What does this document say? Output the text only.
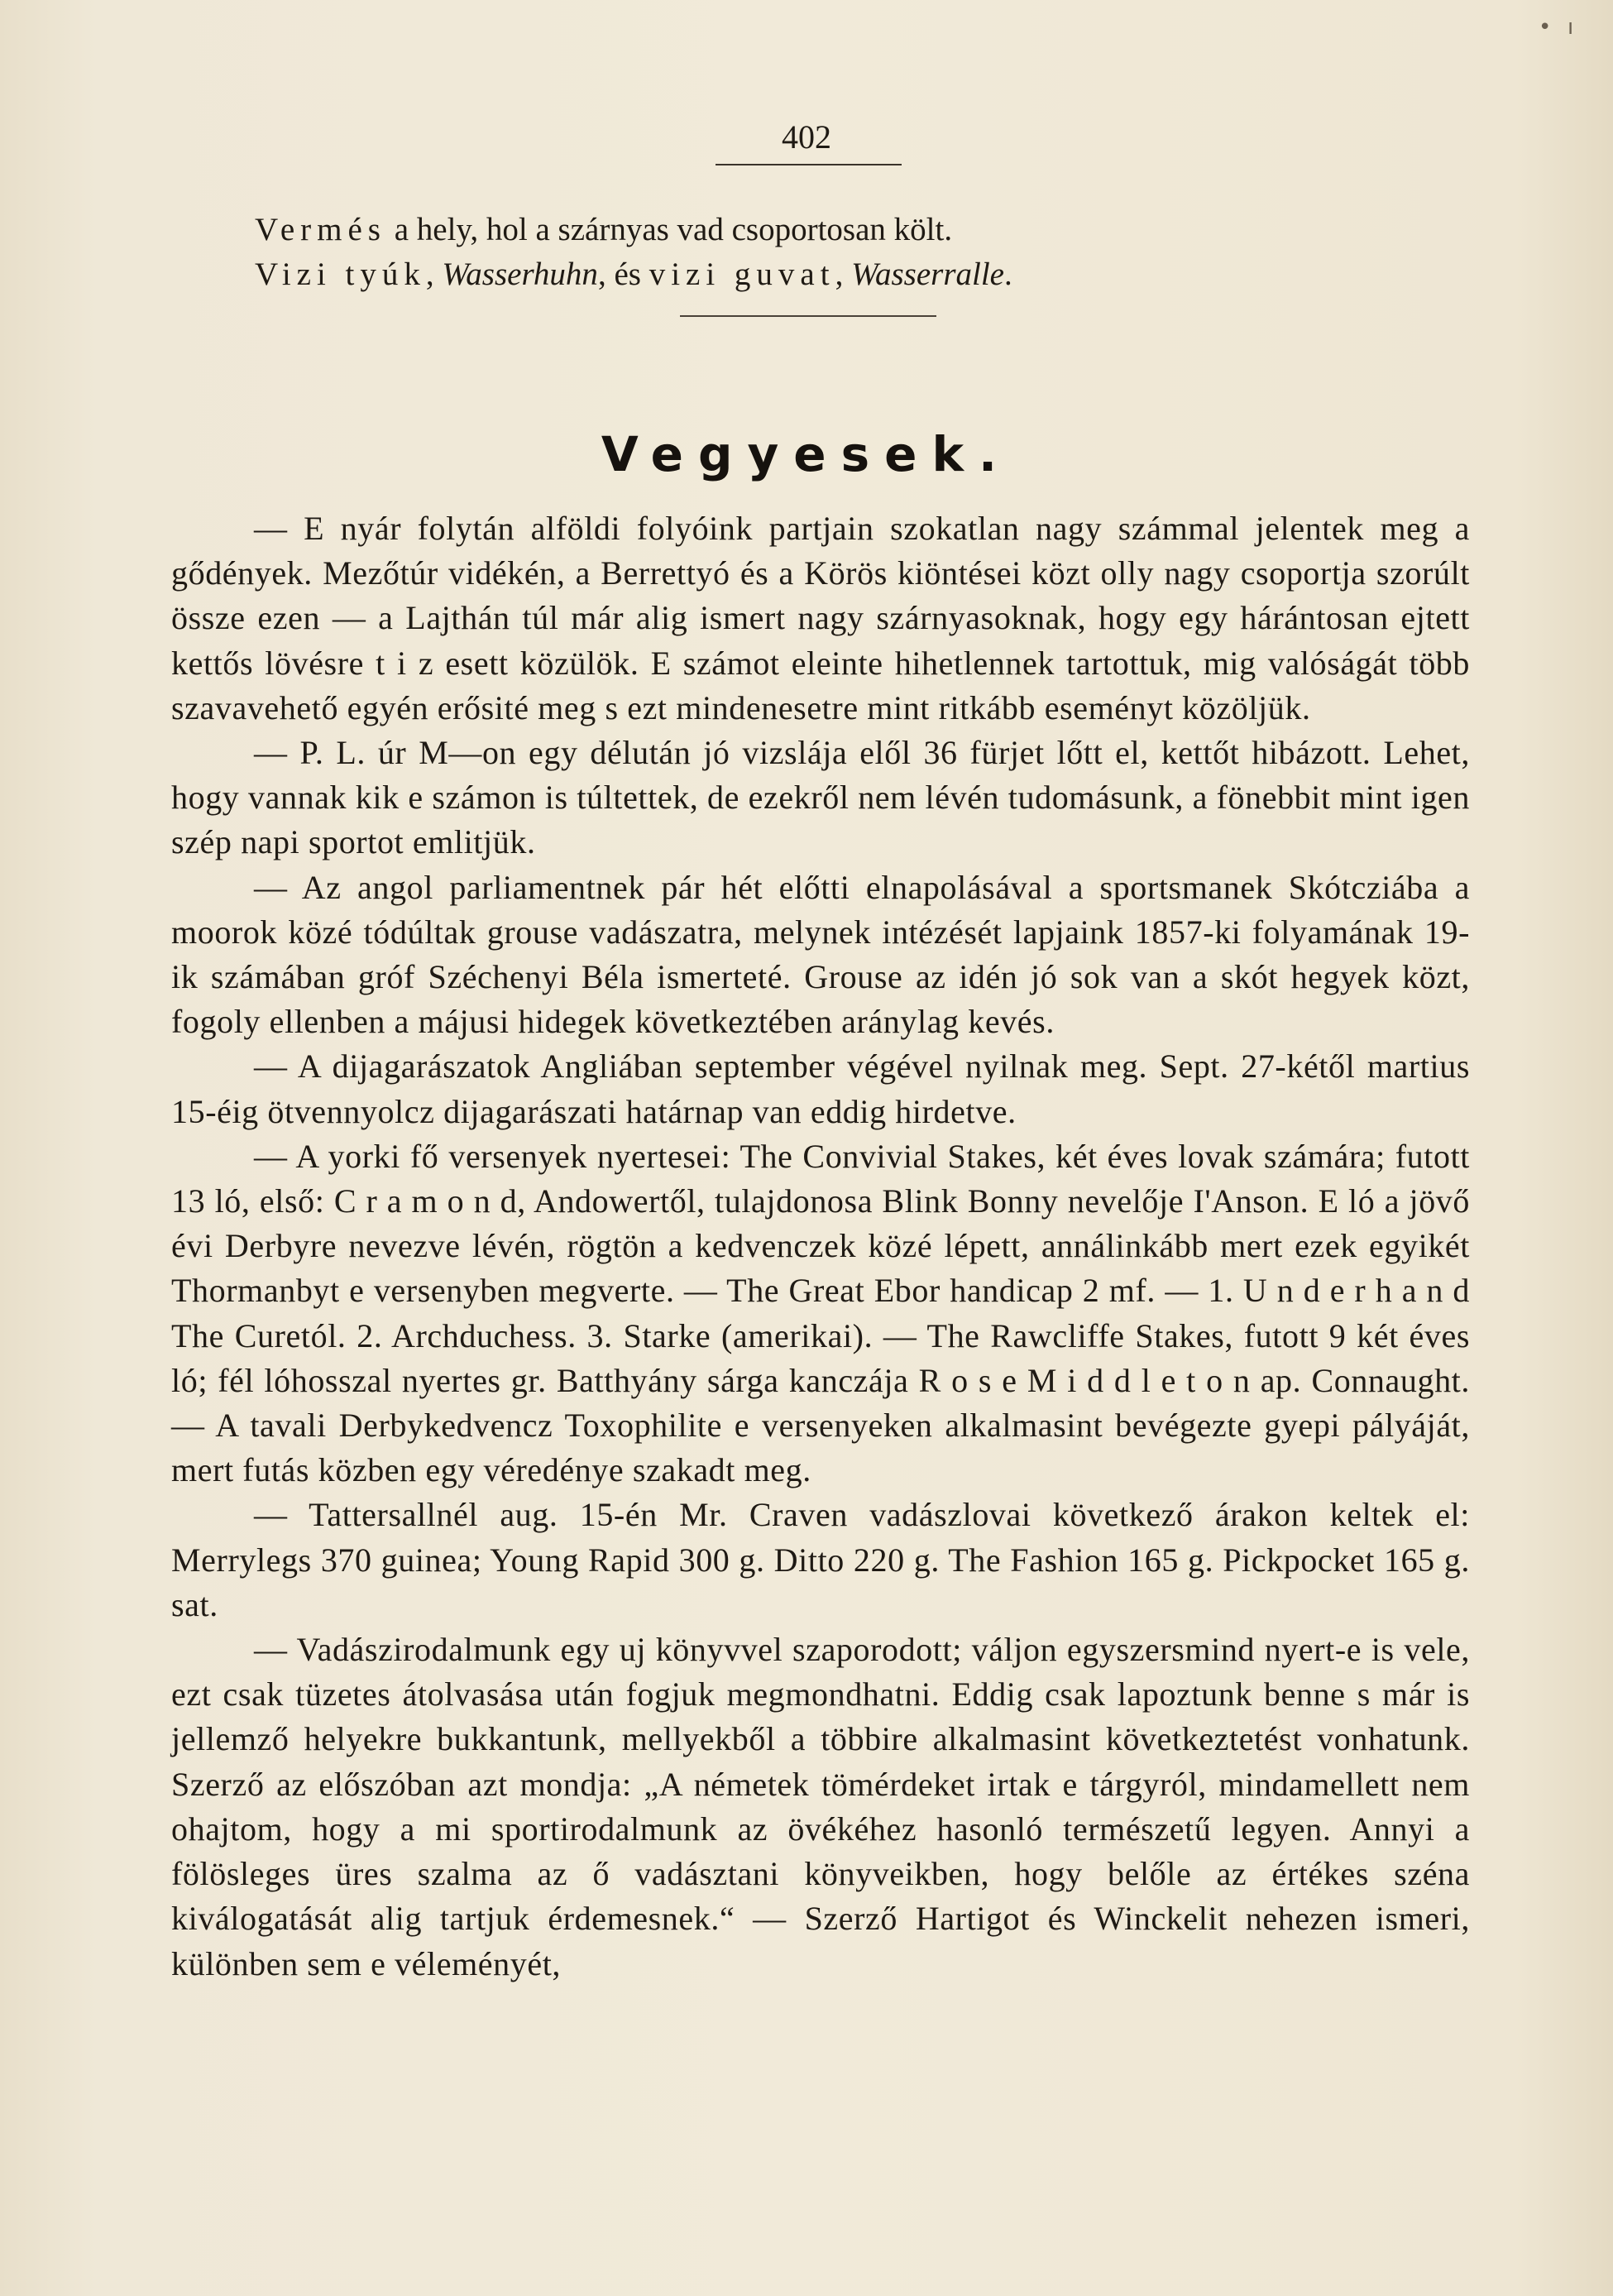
• ı
402
Vermés a hely, hol a szárnyas vad csoportosan költ.
Vizi tyúk, Wasserhuhn, és vizi guvat, Wasserralle.
Vegyesek.

— E nyár folytán alföldi folyóink partjain szokatlan nagy számmal jelentek meg a gődények. Mezőtúr vidékén, a Berrettyó és a Körös kiöntései közt olly nagy csoportja szorúlt össze ezen — a Lajthán túl már alig ismert nagy szárnyasoknak, hogy egy hárántosan ejtett kettős lövésre t i z esett közülök. E számot eleinte hihetlennek tartottuk, mig valóságát több szavavehető egyén erősité meg s ezt mindenesetre mint ritkább eseményt közöljük.

— P. L. úr M—on egy délután jó vizslája elől 36 fürjet lőtt el, kettőt hibázott. Lehet, hogy vannak kik e számon is túltettek, de ezekről nem lévén tudomásunk, a fönebbit mint igen szép napi sportot emlitjük.

— Az angol parliamentnek pár hét előtti elnapolásával a sportsmanek Skótcziába a moorok közé tódúltak grouse vadászatra, melynek intézését lapjaink 1857-ki folyamának 19-ik számában gróf Széchenyi Béla ismerteté. Grouse az idén jó sok van a skót hegyek közt, fogoly ellenben a májusi hidegek következtében aránylag kevés.

— A dijagarászatok Angliában september végével nyilnak meg. Sept. 27-kétől martius 15-éig ötvennyolcz dijagarászati határnap van eddig hirdetve.

— A yorki fő versenyek nyertesei: The Convivial Stakes, két éves lovak számára; futott 13 ló, első: C r a m o n d, Andowertől, tulajdonosa Blink Bonny nevelője I'Anson. E ló a jövő évi Derbyre nevezve lévén, rögtön a kedvenczek közé lépett, annálinkább mert ezek egyikét Thormanbyt e versenyben megverte. — The Great Ebor handicap 2 mf. — 1. U n d e r h a n d The Curetól. 2. Archduchess. 3. Starke (amerikai). — The Rawcliffe Stakes, futott 9 két éves ló; fél lóhosszal nyertes gr. Batthyány sárga kanczája R o s e M i d d l e t o n ap. Connaught. — A tavali Derbykedvencz Toxophilite e versenyeken alkalmasint bevégezte gyepi pályáját, mert futás közben egy véredénye szakadt meg.

— Tattersallnél aug. 15-én Mr. Craven vadászlovai következő árakon keltek el: Merrylegs 370 guinea; Young Rapid 300 g. Ditto 220 g. The Fashion 165 g. Pickpocket 165 g. sat.

— Vadászirodalmunk egy uj könyvvel szaporodott; váljon egyszersmind nyert-e is vele, ezt csak tüzetes átolvasása után fogjuk megmondhatni. Eddig csak lapoztunk benne s már is jellemző helyekre bukkantunk, mellyekből a többire alkalmasint következtetést vonhatunk. Szerző az előszóban azt mondja: „A németek tömérdeket irtak e tárgyról, mindamellett nem ohajtom, hogy a mi sportirodalmunk az övékéhez hasonló természetű legyen. Annyi a fölösleges üres szalma az ő vadásztani könyveikben, hogy belőle az értékes széna kiválogatását alig tartjuk érdemesnek.“ — Szerző Hartigot és Winckelit nehezen ismeri, különben sem e véleményét,
